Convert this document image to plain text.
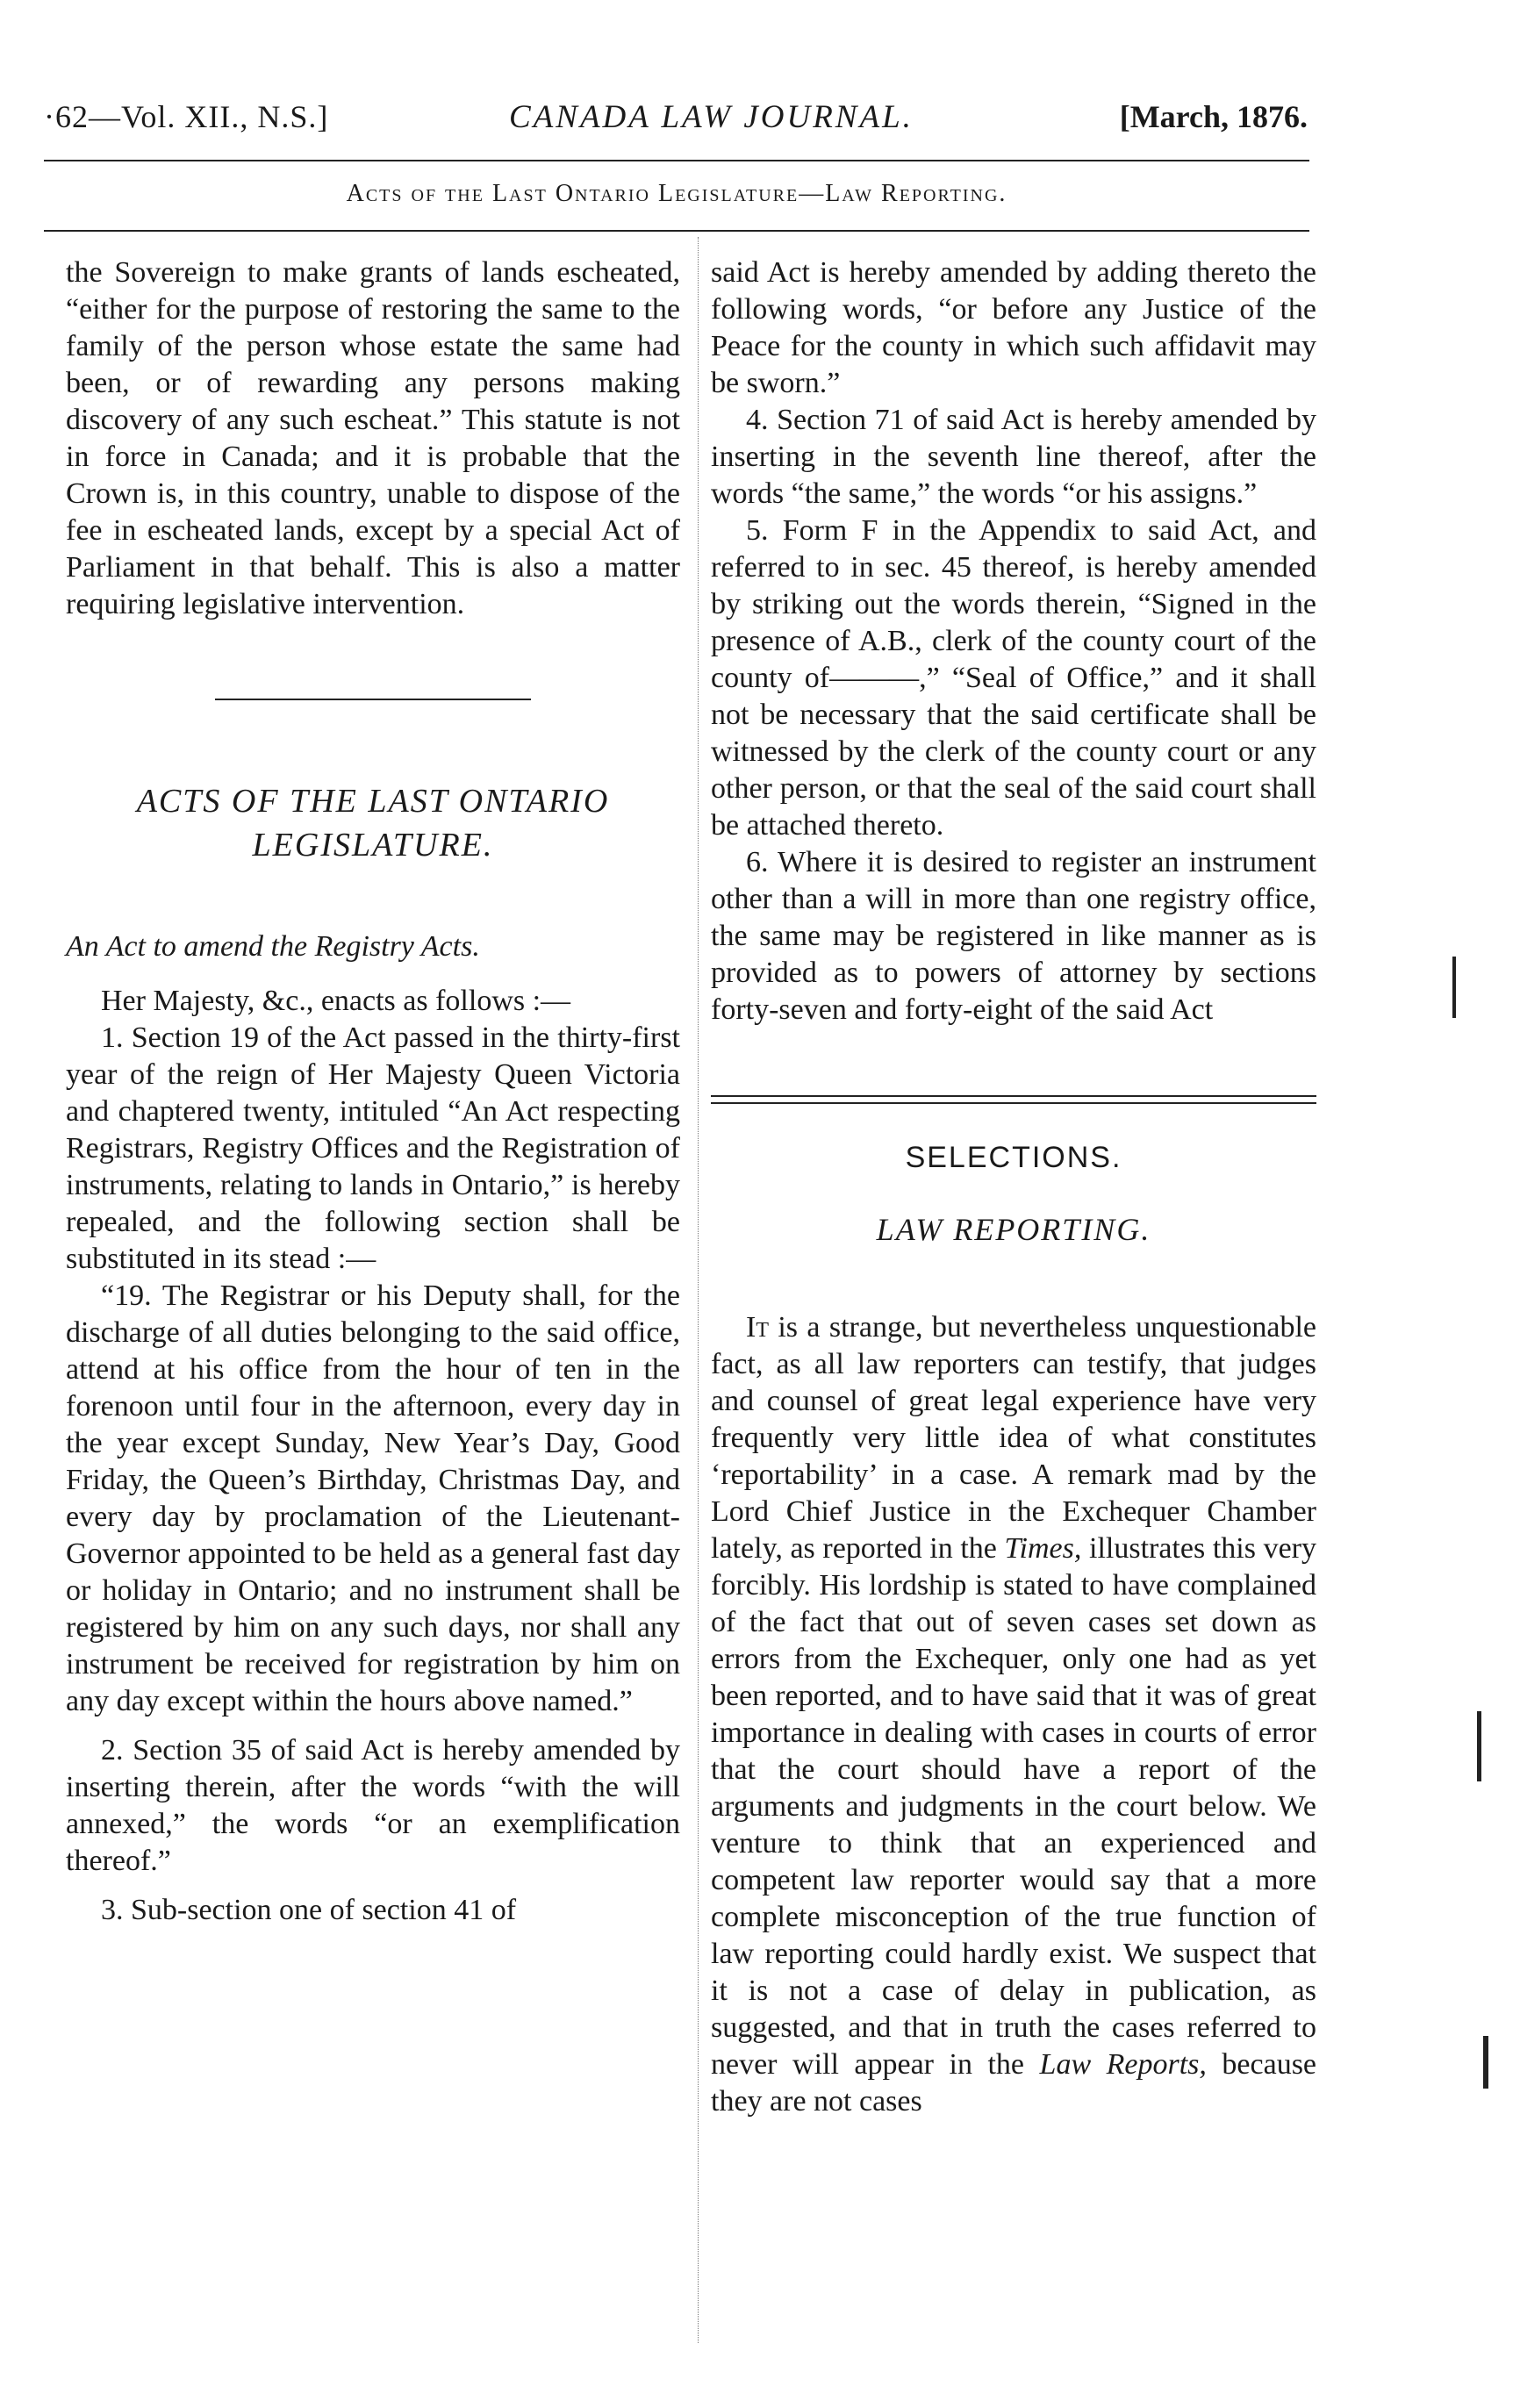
·62—Vol. XII., N.S.]	CANADA LAW JOURNAL.	[March, 1876.
Acts of the Last Ontario Legislature—Law Reporting.

the Sovereign to make grants of lands escheated, “either for the purpose of restoring the same to the family of the person whose estate the same had been, or of rewarding any persons making discovery of any such escheat.” This statute is not in force in Canada; and it is probable that the Crown is, in this country, unable to dispose of the fee in escheated lands, except by a special Act of Parliament in that behalf. This is also a matter requiring legislative intervention.

ACTS OF THE LAST ONTARIO LEGISLATURE.
An Act to amend the Registry Acts.

Her Majesty, &c., enacts as follows :—

1. Section 19 of the Act passed in the thirty-first year of the reign of Her Majesty Queen Victoria and chaptered twenty, intituled “An Act respecting Registrars, Registry Offices and the Registration of instruments, relating to lands in Ontario,” is hereby repealed, and the following section shall be substituted in its stead :—

“19. The Registrar or his Deputy shall, for the discharge of all duties belonging to the said office, attend at his office from the hour of ten in the forenoon until four in the afternoon, every day in the year except Sunday, New Year’s Day, Good Friday, the Queen’s Birthday, Christmas Day, and every day by proclamation of the Lieutenant-Governor appointed to be held as a general fast day or holiday in Ontario; and no instrument shall be registered by him on any such days, nor shall any instrument be received for registration by him on any day except within the hours above named.”

2. Section 35 of said Act is hereby amended by inserting therein, after the words “with the will annexed,” the words “or an exemplification thereof.”

3. Sub-section one of section 41 of

said Act is hereby amended by adding thereto the following words, “or before any Justice of the Peace for the county in which such affidavit may be sworn.”

4. Section 71 of said Act is hereby amended by inserting in the seventh line thereof, after the words “the same,” the words “or his assigns.”

5. Form F in the Appendix to said Act, and referred to in sec. 45 thereof, is hereby amended by striking out the words therein, “Signed in the presence of A.B., clerk of the county court of the county of———,” “Seal of Office,” and it shall not be necessary that the said certificate shall be witnessed by the clerk of the county court or any other person, or that the seal of the said court shall be attached thereto.

6. Where it is desired to register an instrument other than a will in more than one registry office, the same may be registered in like manner as is provided as to powers of attorney by sections forty-seven and forty-eight of the said Act

SELECTIONS.
LAW REPORTING.

It is a strange, but nevertheless unquestionable fact, as all law reporters can testify, that judges and counsel of great legal experience have very frequently very little idea of what constitutes ‘reportability’ in a case. A remark mad by the Lord Chief Justice in the Exchequer Chamber lately, as reported in the Times, illustrates this very forcibly. His lordship is stated to have complained of the fact that out of seven cases set down as errors from the Exchequer, only one had as yet been reported, and to have said that it was of great importance in dealing with cases in courts of error that the court should have a report of the arguments and judgments in the court below. We venture to think that an experienced and competent law reporter would say that a more complete misconception of the true function of law reporting could hardly exist. We suspect that it is not a case of delay in publication, as suggested, and that in truth the cases referred to never will appear in the Law Reports, because they are not cases
